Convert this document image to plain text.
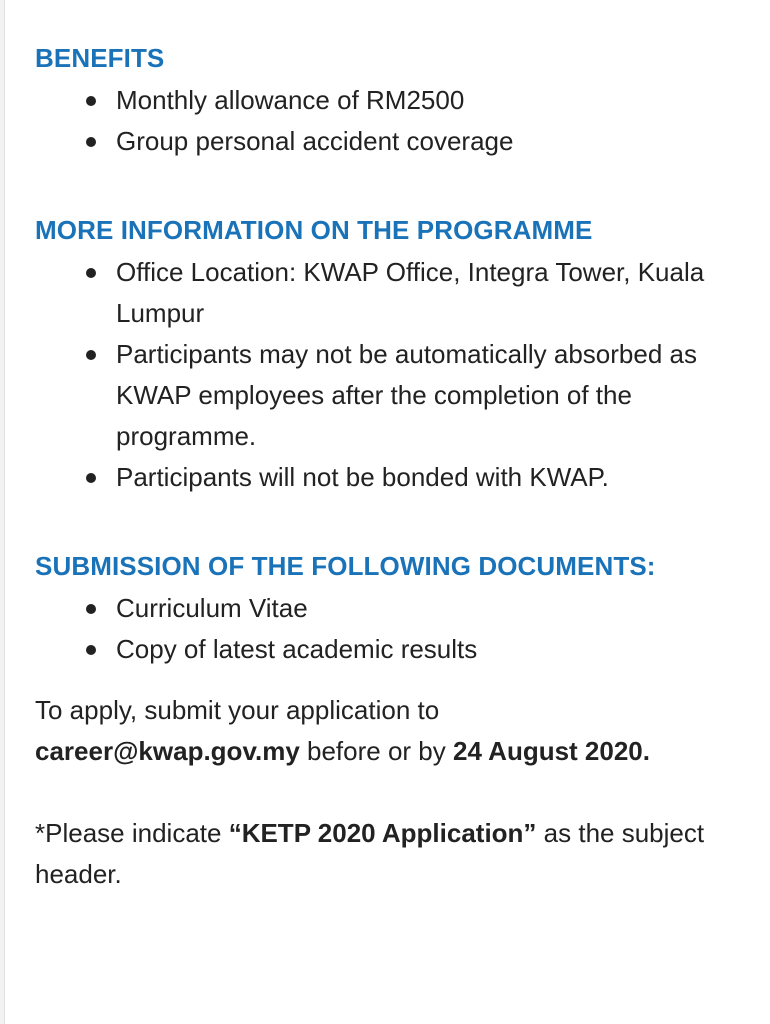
BENEFITS
Monthly allowance of RM2500
Group personal accident coverage
MORE INFORMATION ON THE PROGRAMME
Office Location: KWAP Office, Integra Tower, Kuala Lumpur
Participants may not be automatically absorbed as KWAP employees after the completion of the programme.
Participants will not be bonded with KWAP.
SUBMISSION OF THE FOLLOWING DOCUMENTS:
Curriculum Vitae
Copy of latest academic results

To apply, submit your application to
career@kwap.gov.my before or by 24 August 2020.

*Please indicate “KETP 2020 Application” as the subject header.
